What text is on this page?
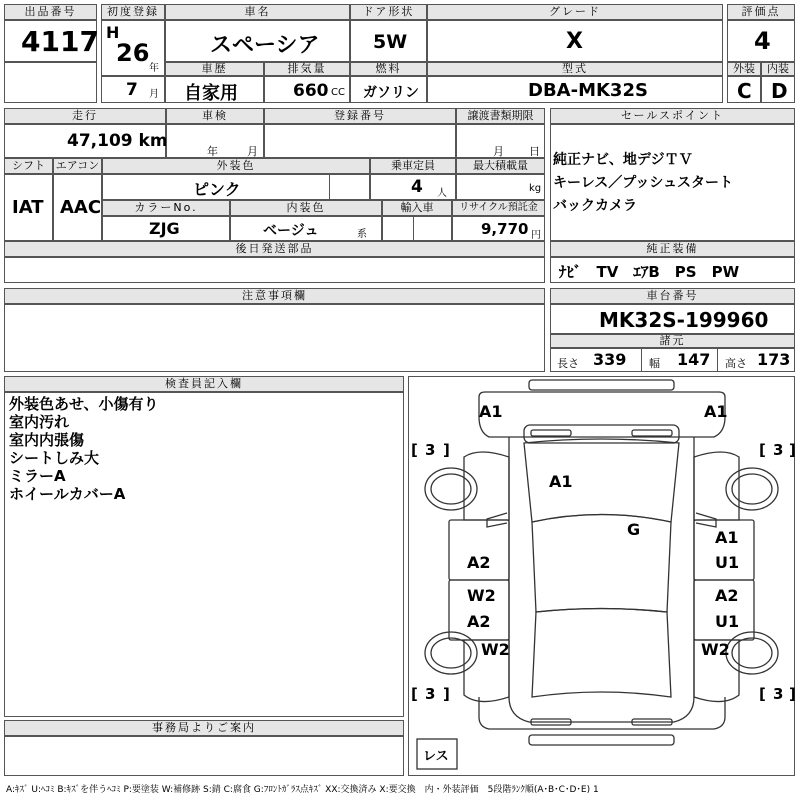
出品番号
4117
初度登録
H
26
年
7 月
車名
スペーシア
ドア形状
5W
グレード
X
評価点
4
車歴
自家用
排気量
660 CC
燃料
ガソリン
型式
DBA-MK32S
外装	内装
C D
走行
47,109 km
車検
年	月
登録番号	譲渡書類期限
月 日
シフト エアコン
IAT AAC
外装色
ピンク
乗車定員
4 人
最大積載量
kg
カラーNo.
ZJG
内装色
ベージュ	系
輸入車	リサイクル預託金
9,770 円
後日発送部品
セールスポイント
純正ナビ、地デジＴＶ
キーレス／プッシュスタート
バックカメラ
純正装備
ﾅﾋﾞ　TV　ｴｱB　PS　PW
車台番号
MK32S-199960
諸元
長さ 339 幅 147 高さ 173
注意事項欄
検査員記入欄
外装色あせ、小傷有り
室内汚れ
室内内張傷
シートしみ大
ミラーA
ホイールカバーA
事務局よりご案内
A1	A1
A1
G
A2
A1
U1
W2
A2
A2
U1
W2	W2
[ 3 ]	[ 3 ]
[ 3 ]	[ 3 ]
レス
A:ｷｽﾞ U:ﾍｺﾐ B:ｷｽﾞを伴うﾍｺﾐ P:要塗装 W:補修跡 S:錆 C:腐食 G:ﾌﾛﾝﾄｶﾞﾗｽ点ｷｽﾞ XX:交換済み X:要交換　内・外装評価　5段階ﾗﾝｸ順(A･B･C･D･E) 1
